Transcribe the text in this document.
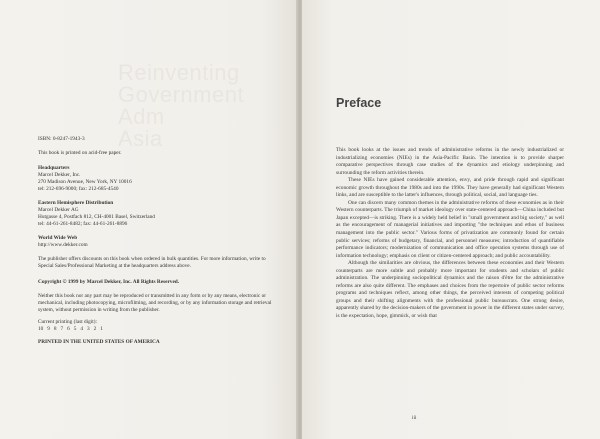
Reinventing
Government
Adm
Asia

ISBN: 0-8247-1943-3

This book is printed on acid-free paper.

Headquarters
Marcel Dekker, Inc.
270 Madison Avenue, New York, NY 10016
tel: 212-696-9000; fax: 212-685-4540
Eastern Hemisphere Distribution
Marcel Dekker AG
Hutgasse 4, Postfach 812, CH-4001 Basel, Switzerland
tel: 44-61-261-8482; fax: 44-61-261-8896
World Wide Web
http://www.dekker.com

The publisher offers discounts on this book when ordered in bulk quantities. For more information, write to Special Sales/Professional Marketing at the headquarters address above.

Copyright © 1999 by Marcel Dekker, Inc. All Rights Reserved.

Neither this book nor any part may be reproduced or transmitted in any form or by any means, electronic or mechanical, including photocopying, microfilming, and recording, or by any information storage and retrieval system, without permission in writing from the publisher.

Current printing (last digit):
10   9   8   7   6   5   4   3   2   1
PRINTED IN THE UNITED STATES OF AMERICA
Preface

This book looks at the issues and trends of administrative reforms in the newly industrialized or industrializing economies (NIEs) in the Asia-Pacific Basin. The intention is to provide sharper comparative perspectives through case studies of the dynamics and etiology underpinning and surrounding the reform activities therein.

These NIEs have gained considerable attention, envy, and pride through rapid and significant economic growth throughout the 1980s and into the 1990s. They have generally had significant Western links, and are susceptible to the latter's influences, through political, social, and language ties.

One can discern many common themes in the administrative reforms of these economies as in their Western counterparts. The triumph of market ideology over state-centered approach—China included but Japan excepted—is striking. There is a widely held belief in "small government and big society," as well as the encouragement of managerial initiatives and importing "the techniques and ethos of business management into the public sector." Various forms of privatization are commonly found for certain public services; reforms of budgetary, financial, and personnel measures; introduction of quantifiable performance indicators; modernization of communication and office operation systems through use of information technology; emphasis on client or citizen-centered approach; and public accountability.

Although the similarities are obvious, the differences between these economies and their Western counterparts are more subtle and probably more important for students and scholars of public administration. The underpinning sociopolitical dynamics and the raison d'être for the administrative reforms are also quite different. The emphases and choices from the repertoire of public sector reforms programs and techniques reflect, among other things, the perceived interests of competing political groups and their shifting alignments with the professional public bureaucrats. One strong desire, apparently shared by the decision-makers of the government in power in the different states under survey, is the expectation, hope, gimmick, or wish that

iii
